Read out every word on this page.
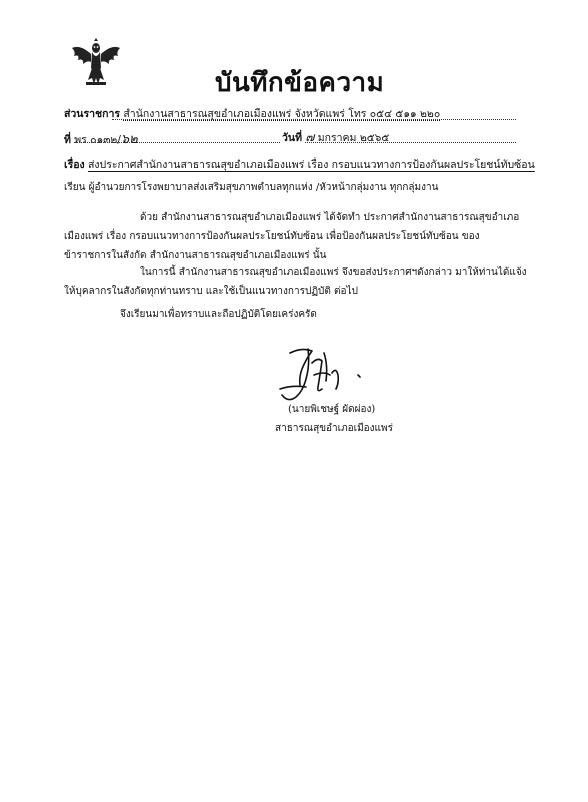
บันทึกข้อความ
ส่วนราชการ สำนักงานสาธารณสุขอำเภอเมืองแพร่ จังหวัดแพร่ โทร ๐๕๔ ๕๑๑ ๒๒๐
ที่ พร ๐๑๓๒/๖๒	วันที่ ๗ มกราคม ๒๕๖๕
เรื่อง ส่งประกาศสำนักงานสาธารณสุขอำเภอเมืองแพร่ เรื่อง กรอบแนวทางการป้องกันผลประโยชน์ทับซ้อน
เรียน ผู้อำนวยการโรงพยาบาลส่งเสริมสุขภาพตำบลทุกแห่ง /หัวหน้ากลุ่มงาน ทุกกลุ่มงาน
ด้วย สำนักงานสาธารณสุขอำเภอเมืองแพร่ ได้จัดทำ ประกาศสำนักงานสาธารณสุขอำเภอ
เมืองแพร่ เรื่อง กรอบแนวทางการป้องกันผลประโยชน์ทับซ้อน เพื่อป้องกันผลประโยชน์ทับซ้อน ของ
ข้าราชการในสังกัด สำนักงานสาธารณสุขอำเภอเมืองแพร่ นั้น
ในการนี้ สำนักงานสาธารณสุขอำเภอเมืองแพร่ จึงขอส่งประกาศฯดังกล่าว มาให้ท่านได้แจ้ง
ให้บุคลากรในสังกัดทุกท่านทราบ และใช้เป็นแนวทางการปฏิบัติ ต่อไป
จึงเรียนมาเพื่อทราบและถือปฏิบัติโดยเคร่งครัด
(นายพิเชษฐ์ ผัดผ่อง)
สาธารณสุขอำเภอเมืองแพร่
